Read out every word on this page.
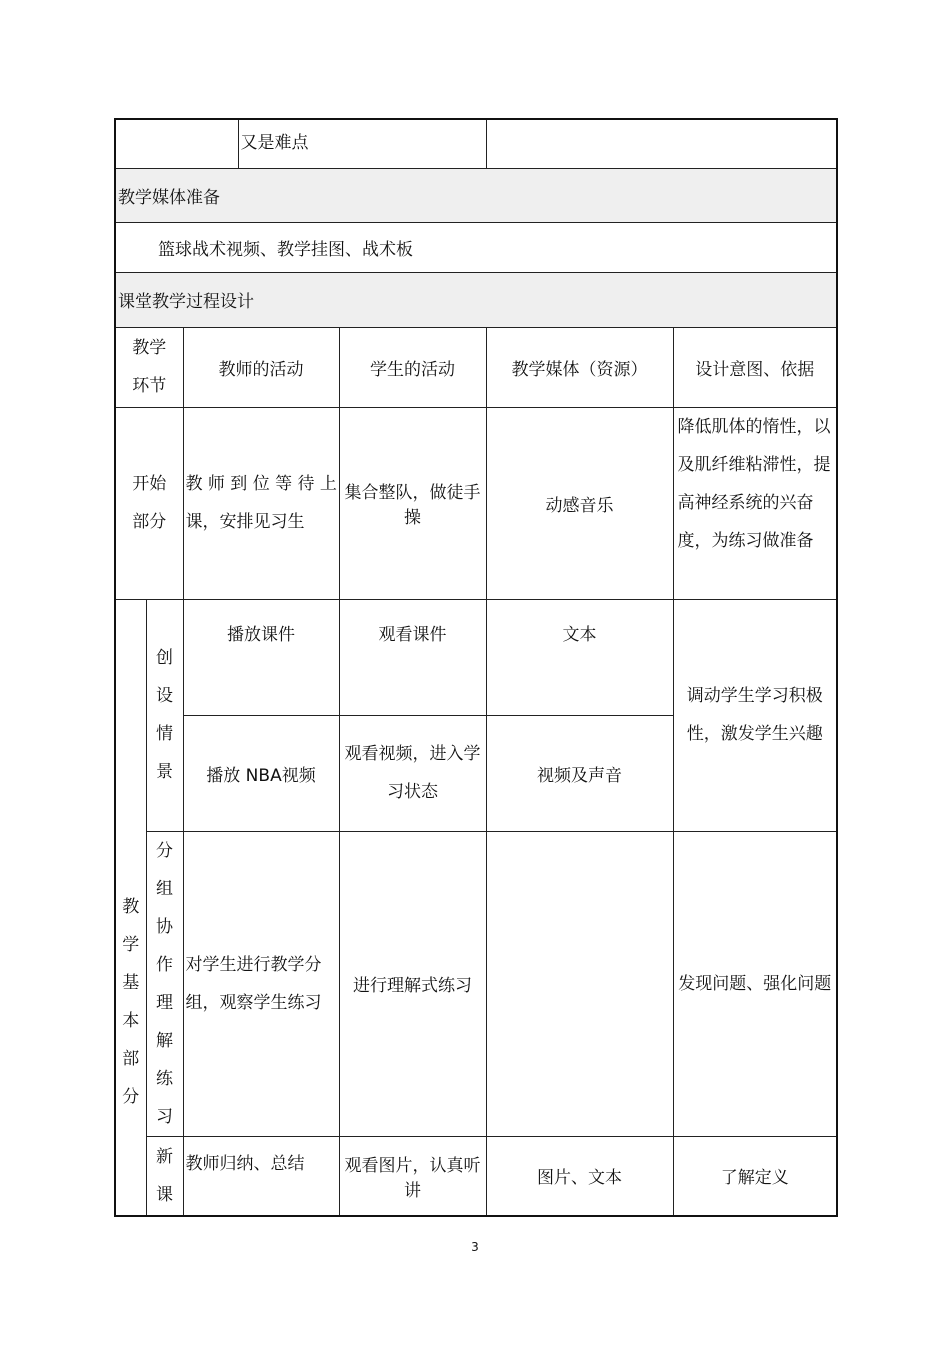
			又是难点			
教学媒体准备						
篮球战术视频、教学挂图、战术板						
课堂教学过程设计						

教学环节		教师的活动		学生的活动	教学媒体（资源）	设计意图、依据

开始部分		教 师 到 位 等 待 上课，安排见习生		集合整队，做徒手操	动感音乐	降低肌体的惰性，以及肌纤维粘滞性，提高神经系统的兴奋度，为练习做准备

教学基本部分	创设情景	播放课件		观看课件	文本	调动学生学习积极性，激发学生兴趣

		播放 NBA视频		观看视频，进入学习状态	视频及声音	

	分组协作理解练习	对学生进行教学分组，观察学生练习		进行理解式练习		发现问题、强化问题

	新课	教师归纳、总结		观看图片，认真听讲	图片、文本	了解定义
3
